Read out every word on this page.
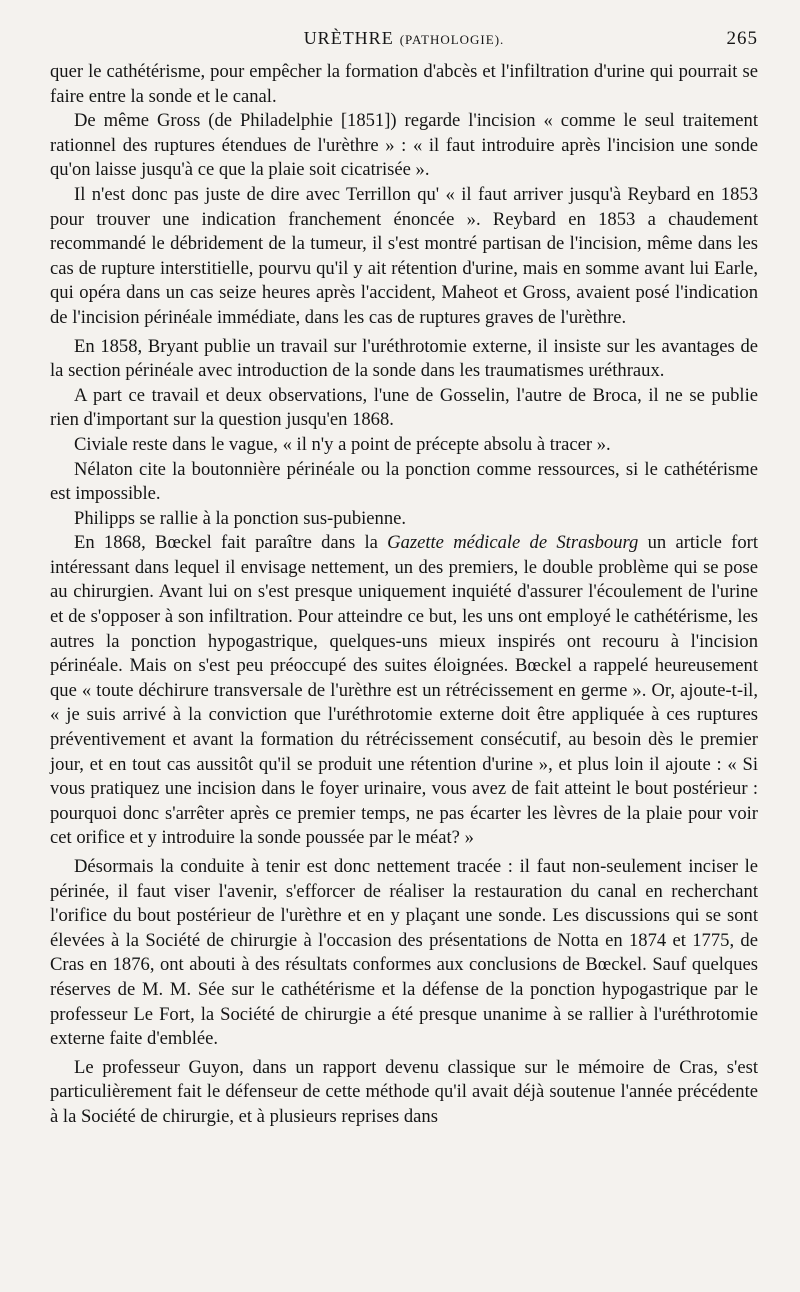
URÈTHRE (PATHOLOGIE).	265

quer le cathétérisme, pour empêcher la formation d'abcès et l'infiltration d'urine qui pourrait se faire entre la sonde et le canal.

De même Gross (de Philadelphie [1851]) regarde l'incision « comme le seul traitement rationnel des ruptures étendues de l'urèthre » : « il faut introduire après l'incision une sonde qu'on laisse jusqu'à ce que la plaie soit cicatrisée ».

Il n'est donc pas juste de dire avec Terrillon qu' « il faut arriver jusqu'à Reybard en 1853 pour trouver une indication franchement énoncée ». Reybard en 1853 a chaudement recommandé le débridement de la tumeur, il s'est montré partisan de l'incision, même dans les cas de rupture interstitielle, pourvu qu'il y ait rétention d'urine, mais en somme avant lui Earle, qui opéra dans un cas seize heures après l'accident, Maheot et Gross, avaient posé l'indication de l'incision périnéale immédiate, dans les cas de ruptures graves de l'urèthre.

En 1858, Bryant publie un travail sur l'uréthrotomie externe, il insiste sur les avantages de la section périnéale avec introduction de la sonde dans les traumatismes uréthraux.

A part ce travail et deux observations, l'une de Gosselin, l'autre de Broca, il ne se publie rien d'important sur la question jusqu'en 1868.

Civiale reste dans le vague, « il n'y a point de précepte absolu à tracer ».

Nélaton cite la boutonnière périnéale ou la ponction comme ressources, si le cathétérisme est impossible.

Philipps se rallie à la ponction sus-pubienne.

En 1868, Bœckel fait paraître dans la Gazette médicale de Strasbourg un article fort intéressant dans lequel il envisage nettement, un des premiers, le double problème qui se pose au chirurgien. Avant lui on s'est presque uniquement inquiété d'assurer l'écoulement de l'urine et de s'opposer à son infiltration. Pour atteindre ce but, les uns ont employé le cathétérisme, les autres la ponction hypogastrique, quelques-uns mieux inspirés ont recouru à l'incision périnéale. Mais on s'est peu préoccupé des suites éloignées. Bœckel a rappelé heureusement que « toute déchirure transversale de l'urèthre est un rétrécissement en germe ». Or, ajoute-t-il, « je suis arrivé à la conviction que l'uréthrotomie externe doit être appliquée à ces ruptures préventivement et avant la formation du rétrécissement consécutif, au besoin dès le premier jour, et en tout cas aussitôt qu'il se produit une rétention d'urine », et plus loin il ajoute : « Si vous pratiquez une incision dans le foyer urinaire, vous avez de fait atteint le bout postérieur : pourquoi donc s'arrêter après ce premier temps, ne pas écarter les lèvres de la plaie pour voir cet orifice et y introduire la sonde poussée par le méat? »

Désormais la conduite à tenir est donc nettement tracée : il faut non-seulement inciser le périnée, il faut viser l'avenir, s'efforcer de réaliser la restauration du canal en recherchant l'orifice du bout postérieur de l'urèthre et en y plaçant une sonde. Les discussions qui se sont élevées à la Société de chirurgie à l'occasion des présentations de Notta en 1874 et 1775, de Cras en 1876, ont abouti à des résultats conformes aux conclusions de Bœckel. Sauf quelques réserves de M. M. Sée sur le cathétérisme et la défense de la ponction hypogastrique par le professeur Le Fort, la Société de chirurgie a été presque unanime à se rallier à l'uréthrotomie externe faite d'emblée.

Le professeur Guyon, dans un rapport devenu classique sur le mémoire de Cras, s'est particulièrement fait le défenseur de cette méthode qu'il avait déjà soutenue l'année précédente à la Société de chirurgie, et à plusieurs reprises dans
